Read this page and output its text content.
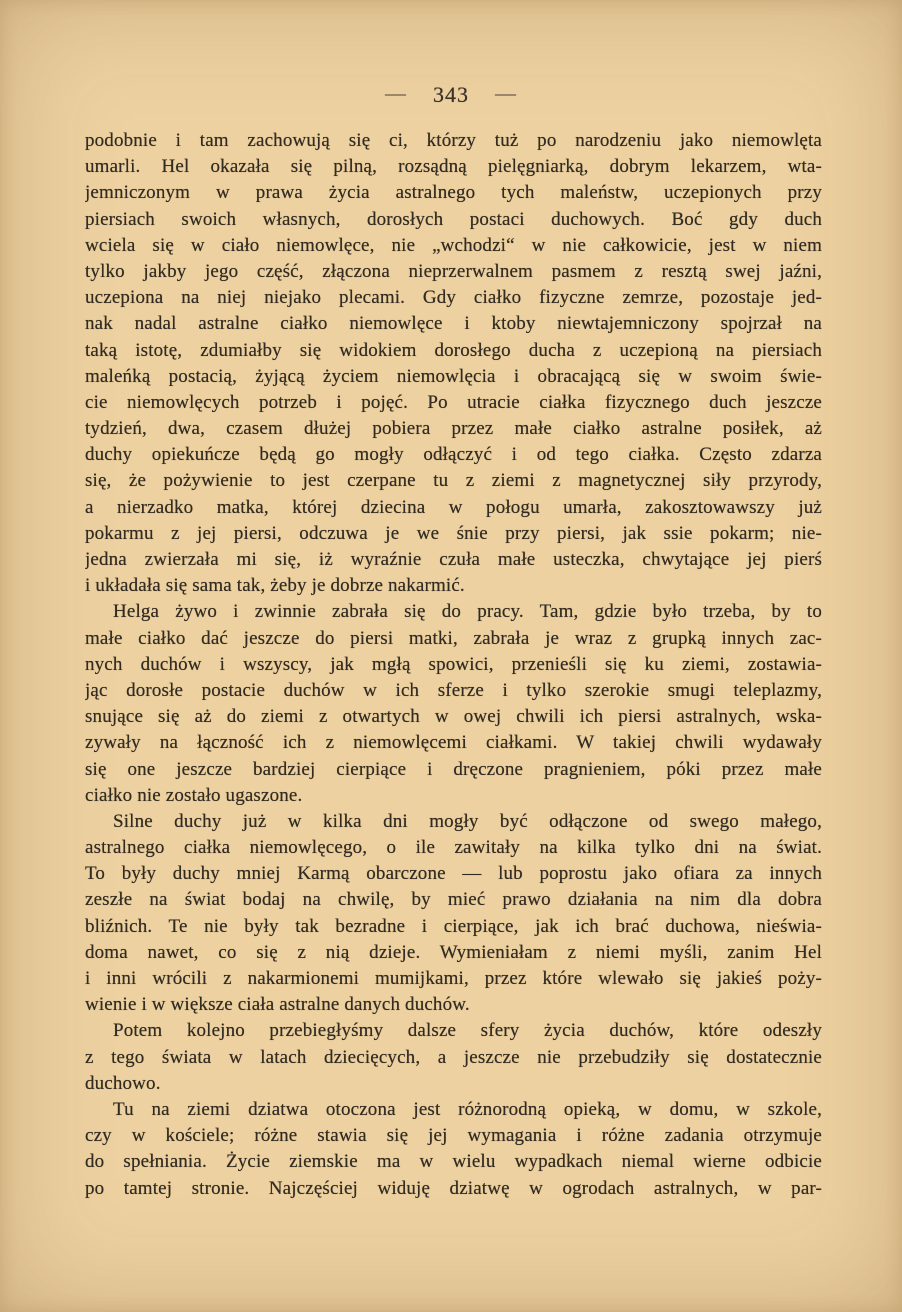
— 343 —
podobnie i tam zachowują się ci, którzy tuż po narodzeniu jako niemowlęta
umarli. Hel okazała się pilną, rozsądną pielęgniarką, dobrym lekarzem, wta-
jemniczonym w prawa życia astralnego tych maleństw, uczepionych przy
piersiach swoich własnych, dorosłych postaci duchowych. Boć gdy duch
wciela się w ciało niemowlęce, nie „wchodzi“ w nie całkowicie, jest w niem
tylko jakby jego część, złączona nieprzerwalnem pasmem z resztą swej jaźni,
uczepiona na niej niejako plecami. Gdy ciałko fizyczne zemrze, pozostaje jed-
nak nadal astralne ciałko niemowlęce i ktoby niewtajemniczony spojrzał na
taką istotę, zdumiałby się widokiem dorosłego ducha z uczepioną na piersiach
maleńką postacią, żyjącą życiem niemowlęcia i obracającą się w swoim świe-
cie niemowlęcych potrzeb i pojęć. Po utracie ciałka fizycznego duch jeszcze
tydzień, dwa, czasem dłużej pobiera przez małe ciałko astralne posiłek, aż
duchy opiekuńcze będą go mogły odłączyć i od tego ciałka. Często zdarza
się, że pożywienie to jest czerpane tu z ziemi z magnetycznej siły przyrody,
a nierzadko matka, której dziecina w połogu umarła, zakosztowawszy już
pokarmu z jej piersi, odczuwa je we śnie przy piersi, jak ssie pokarm; nie-
jedna zwierzała mi się, iż wyraźnie czuła małe usteczka, chwytające jej pierś
i układała się sama tak, żeby je dobrze nakarmić.
Helga żywo i zwinnie zabrała się do pracy. Tam, gdzie było trzeba, by to
małe ciałko dać jeszcze do piersi matki, zabrała je wraz z grupką innych zac-
nych duchów i wszyscy, jak mgłą spowici, przenieśli się ku ziemi, zostawia-
jąc dorosłe postacie duchów w ich sferze i tylko szerokie smugi teleplazmy,
snujące się aż do ziemi z otwartych w owej chwili ich piersi astralnych, wska-
zywały na łączność ich z niemowlęcemi ciałkami. W takiej chwili wydawały
się one jeszcze bardziej cierpiące i dręczone pragnieniem, póki przez małe
ciałko nie zostało ugaszone.
Silne duchy już w kilka dni mogły być odłączone od swego małego,
astralnego ciałka niemowlęcego, o ile zawitały na kilka tylko dni na świat.
To były duchy mniej Karmą obarczone — lub poprostu jako ofiara za innych
zeszłe na świat bodaj na chwilę, by mieć prawo działania na nim dla dobra
bliźnich. Te nie były tak bezradne i cierpiące, jak ich brać duchowa, nieświa-
doma nawet, co się z nią dzieje. Wymieniałam z niemi myśli, zanim Hel
i inni wrócili z nakarmionemi mumijkami, przez które wlewało się jakieś poży-
wienie i w większe ciała astralne danych duchów.
Potem kolejno przebiegłyśmy dalsze sfery życia duchów, które odeszły
z tego świata w latach dziecięcych, a jeszcze nie przebudziły się dostatecznie
duchowo.
Tu na ziemi dziatwa otoczona jest różnorodną opieką, w domu, w szkole,
czy w kościele; różne stawia się jej wymagania i różne zadania otrzymuje
do spełniania. Życie ziemskie ma w wielu wypadkach niemal wierne odbicie
po tamtej stronie. Najczęściej widuję dziatwę w ogrodach astralnych, w par-
